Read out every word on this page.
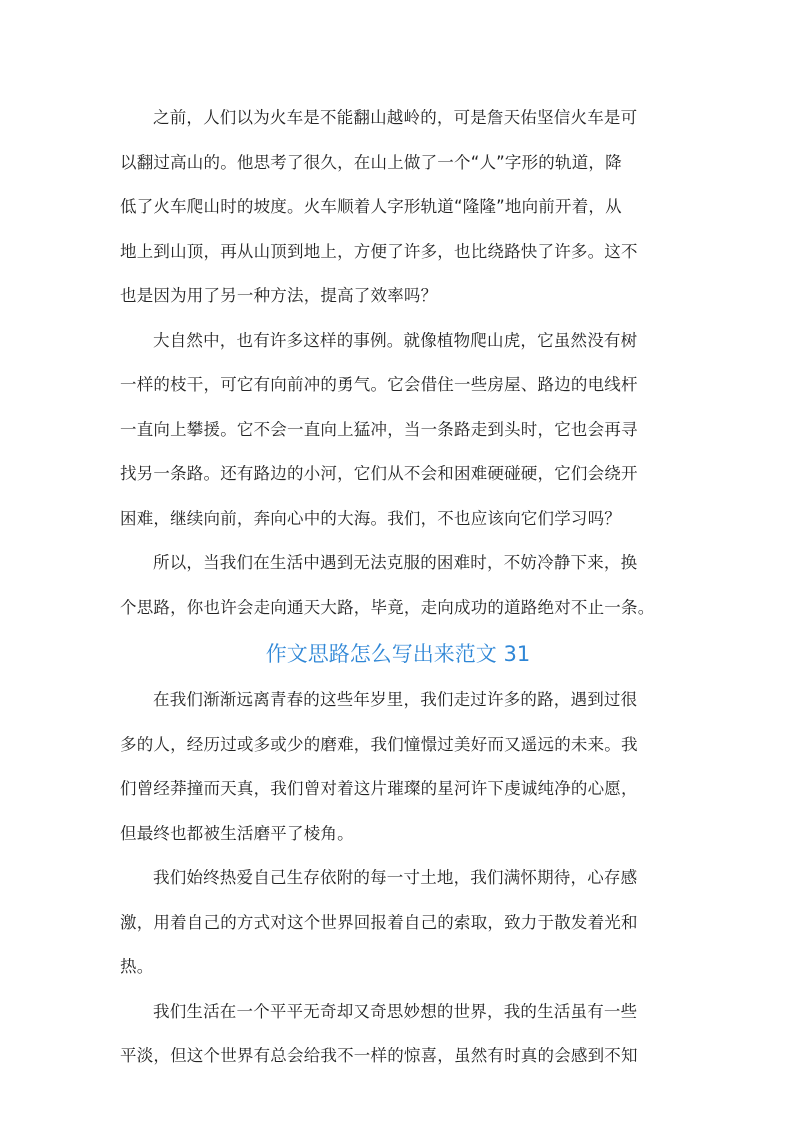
之前，人们以为火车是不能翻山越岭的，可是詹天佑坚信火车是可
以翻过高山的。他思考了很久，在山上做了一个“人”字形的轨道，降
低了火车爬山时的坡度。火车顺着人字形轨道“隆隆”地向前开着，从
地上到山顶，再从山顶到地上，方便了许多，也比绕路快了许多。这不
也是因为用了另一种方法，提高了效率吗？
大自然中，也有许多这样的事例。就像植物爬山虎，它虽然没有树
一样的枝干，可它有向前冲的勇气。它会借住一些房屋、路边的电线杆
一直向上攀援。它不会一直向上猛冲，当一条路走到头时，它也会再寻
找另一条路。还有路边的小河，它们从不会和困难硬碰硬，它们会绕开
困难，继续向前，奔向心中的大海。我们，不也应该向它们学习吗？
所以，当我们在生活中遇到无法克服的困难时，不妨冷静下来，换
个思路，你也许会走向通天大路，毕竟，走向成功的道路绝对不止一条。
作文思路怎么写出来范文 31
在我们渐渐远离青春的这些年岁里，我们走过许多的路，遇到过很
多的人，经历过或多或少的磨难，我们憧憬过美好而又遥远的未来。我
们曾经莽撞而天真，我们曾对着这片璀璨的星河许下虔诚纯净的心愿，
但最终也都被生活磨平了棱角。
我们始终热爱自己生存依附的每一寸土地，我们满怀期待，心存感
激，用着自己的方式对这个世界回报着自己的索取，致力于散发着光和
热。
我们生活在一个平平无奇却又奇思妙想的世界，我的生活虽有一些
平淡，但这个世界有总会给我不一样的惊喜，虽然有时真的会感到不知
